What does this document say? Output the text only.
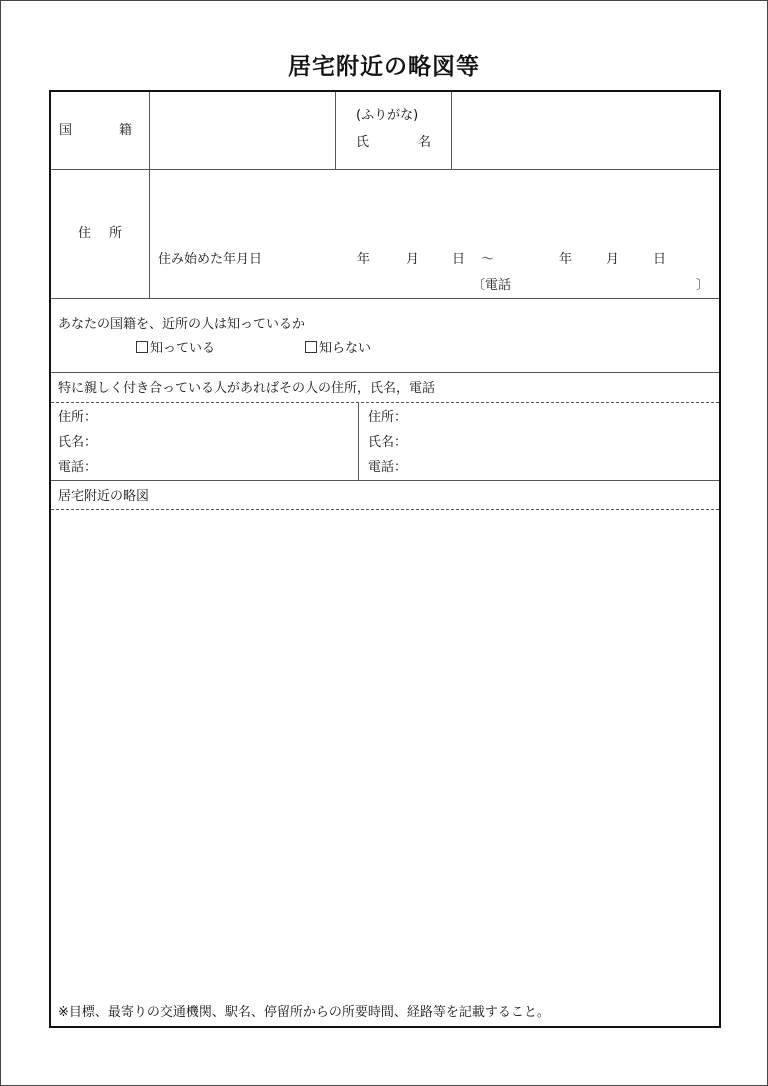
居宅附近の略図等
国	籍
(ふりがな)
氏	名
住 所
住み始めた年月日	年	月	日 ～	年	月	日
〔電話	〕
あなたの国籍を、近所の人は知っているか
知っている	知らない
特に親しく付き合っている人があればその人の住所，氏名，電話
住所：
氏名：
電話：
住所：
氏名：
電話：
居宅附近の略図
※目標、最寄りの交通機関、駅名、停留所からの所要時間、経路等を記載すること。
